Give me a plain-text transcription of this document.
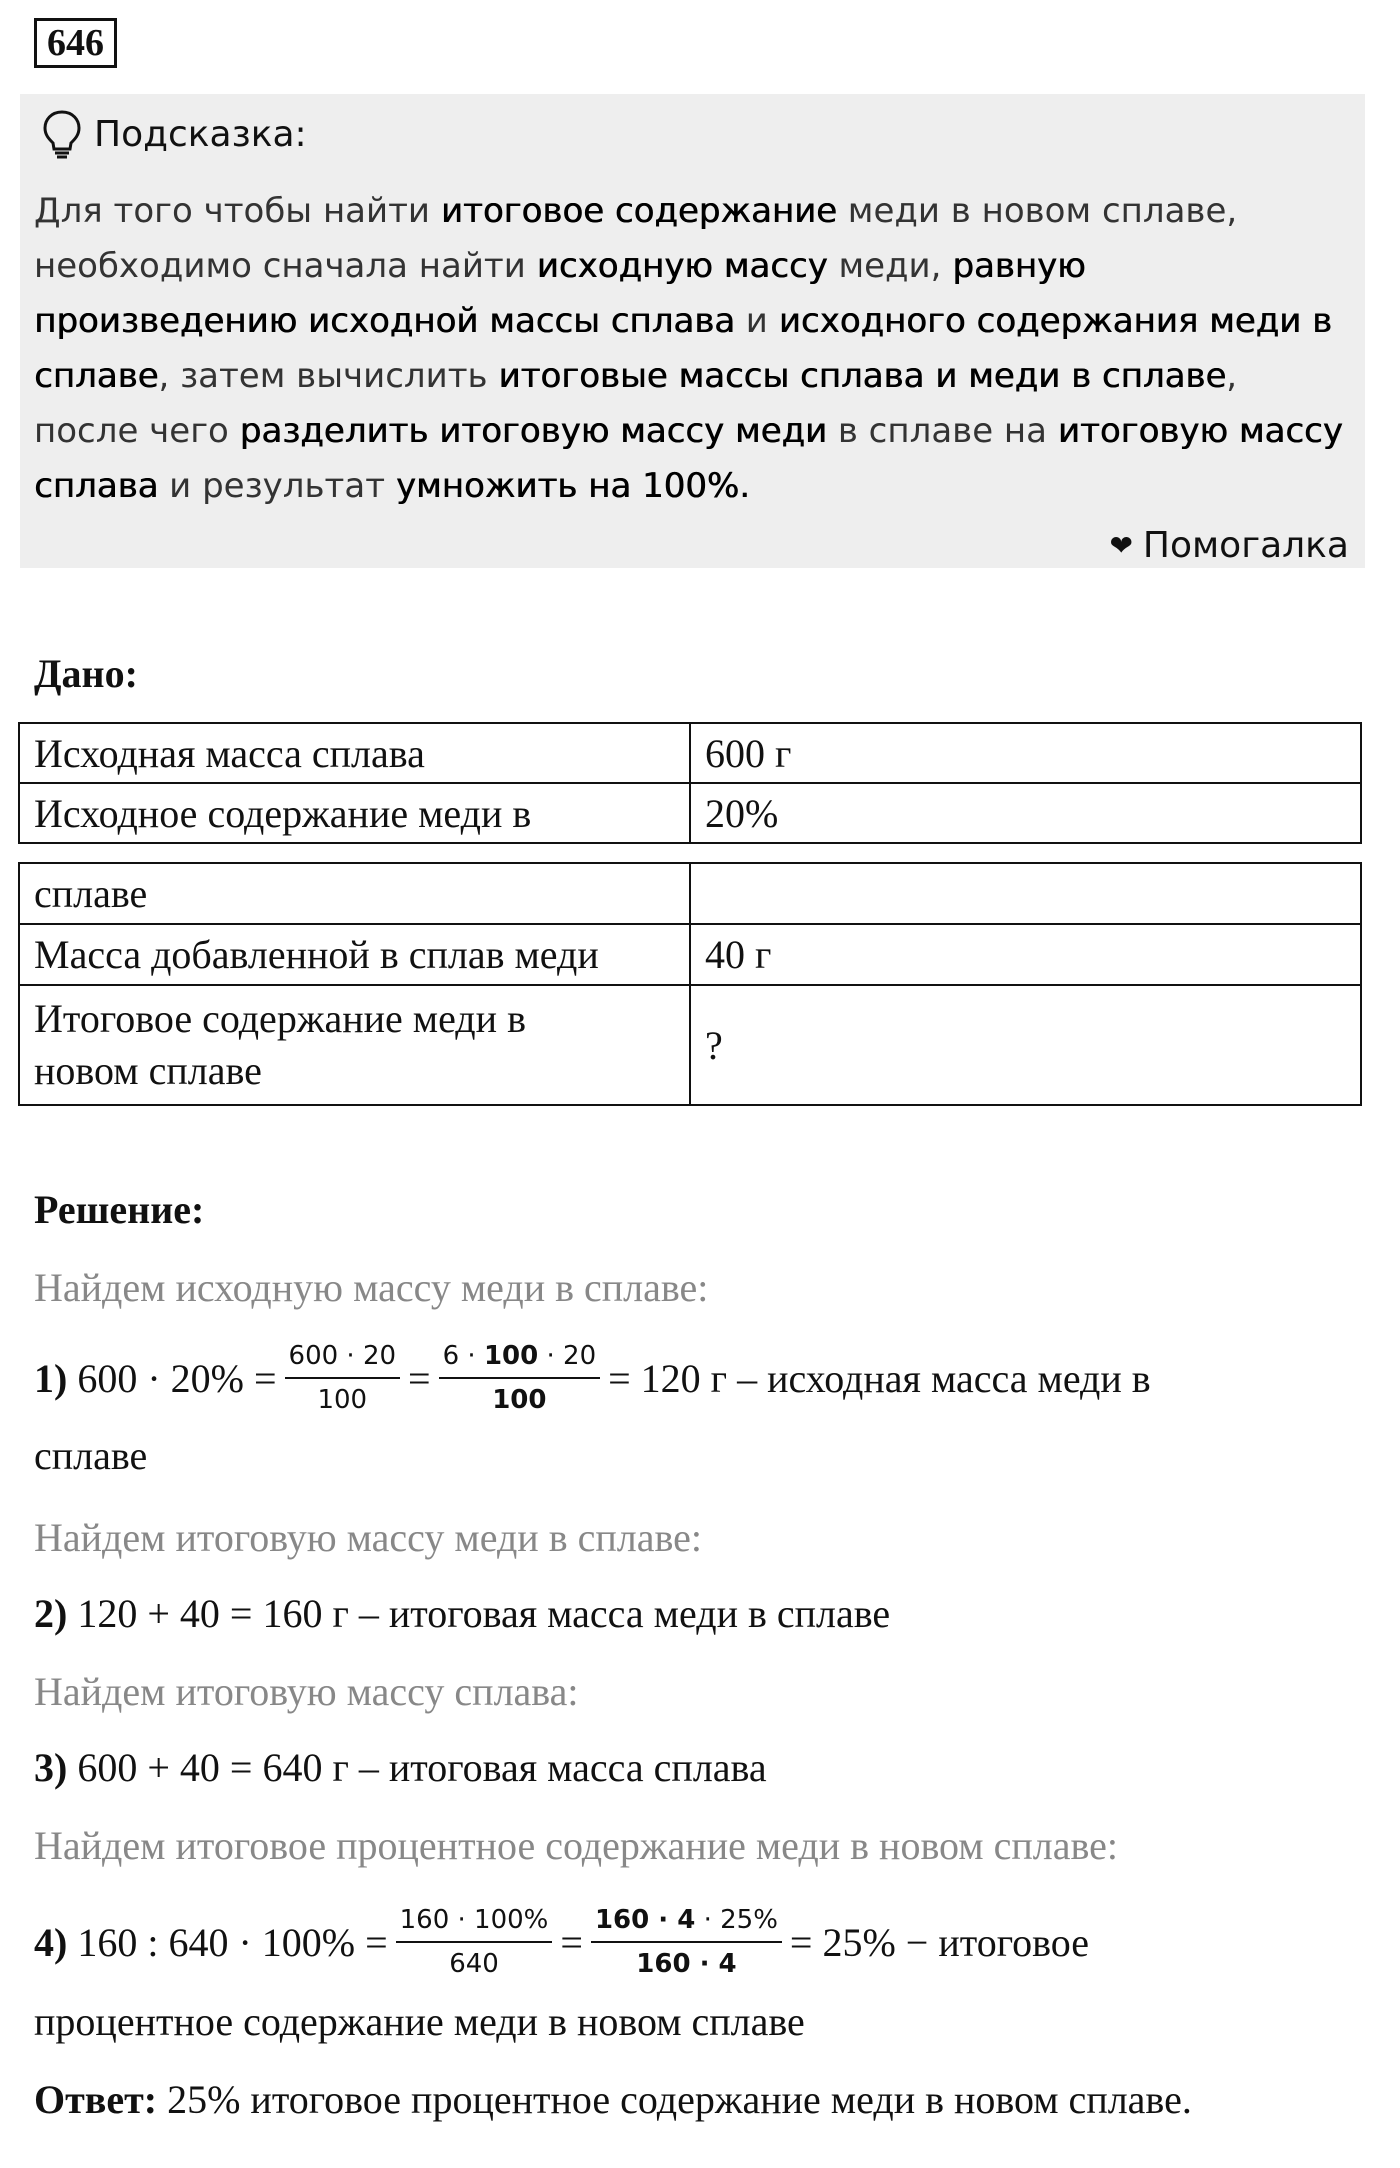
646
Подсказка:
Для того чтобы найти итоговое содержание меди в новом сплаве, необходимо сначала найти исходную массу меди, равную произведению исходной массы сплава и исходного содержания меди в сплаве, затем вычислить итоговые массы сплава и меди в сплаве, после чего разделить итоговую массу меди в сплаве на итоговую массу сплава и результат умножить на 100%.
❤ Помогалка
Дано:
Исходная масса сплава	600 г
Исходное содержание меди в	20%
сплаве	
Масса добавленной в сплав меди	40 г
Итоговое содержание меди в
новом сплаве	?
Решение:
Найдем исходную массу меди в сплаве:
1) $600 \cdot 20\% = \frac{600 \cdot 20}{100} = \frac{6 \cdot 100 \cdot 20}{100} = 120$ г – исходная масса меди в
сплаве
Найдем итоговую массу меди в сплаве:
2) 120 + 40 = 160 г – итоговая масса меди в сплаве
Найдем итоговую массу сплава:
3) 600 + 40 = 640 г – итоговая масса сплава
Найдем итоговое процентное содержание меди в новом сплаве:
4) 160 : $640 \cdot 100\% = \frac{160 \cdot 100\%}{640} = \frac{160 \cdot 4 \cdot 25\%}{160 \cdot 4} = 25\%$ − итоговое
процентное содержание меди в новом сплаве
Ответ: 25% итоговое процентное содержание меди в новом сплаве.
